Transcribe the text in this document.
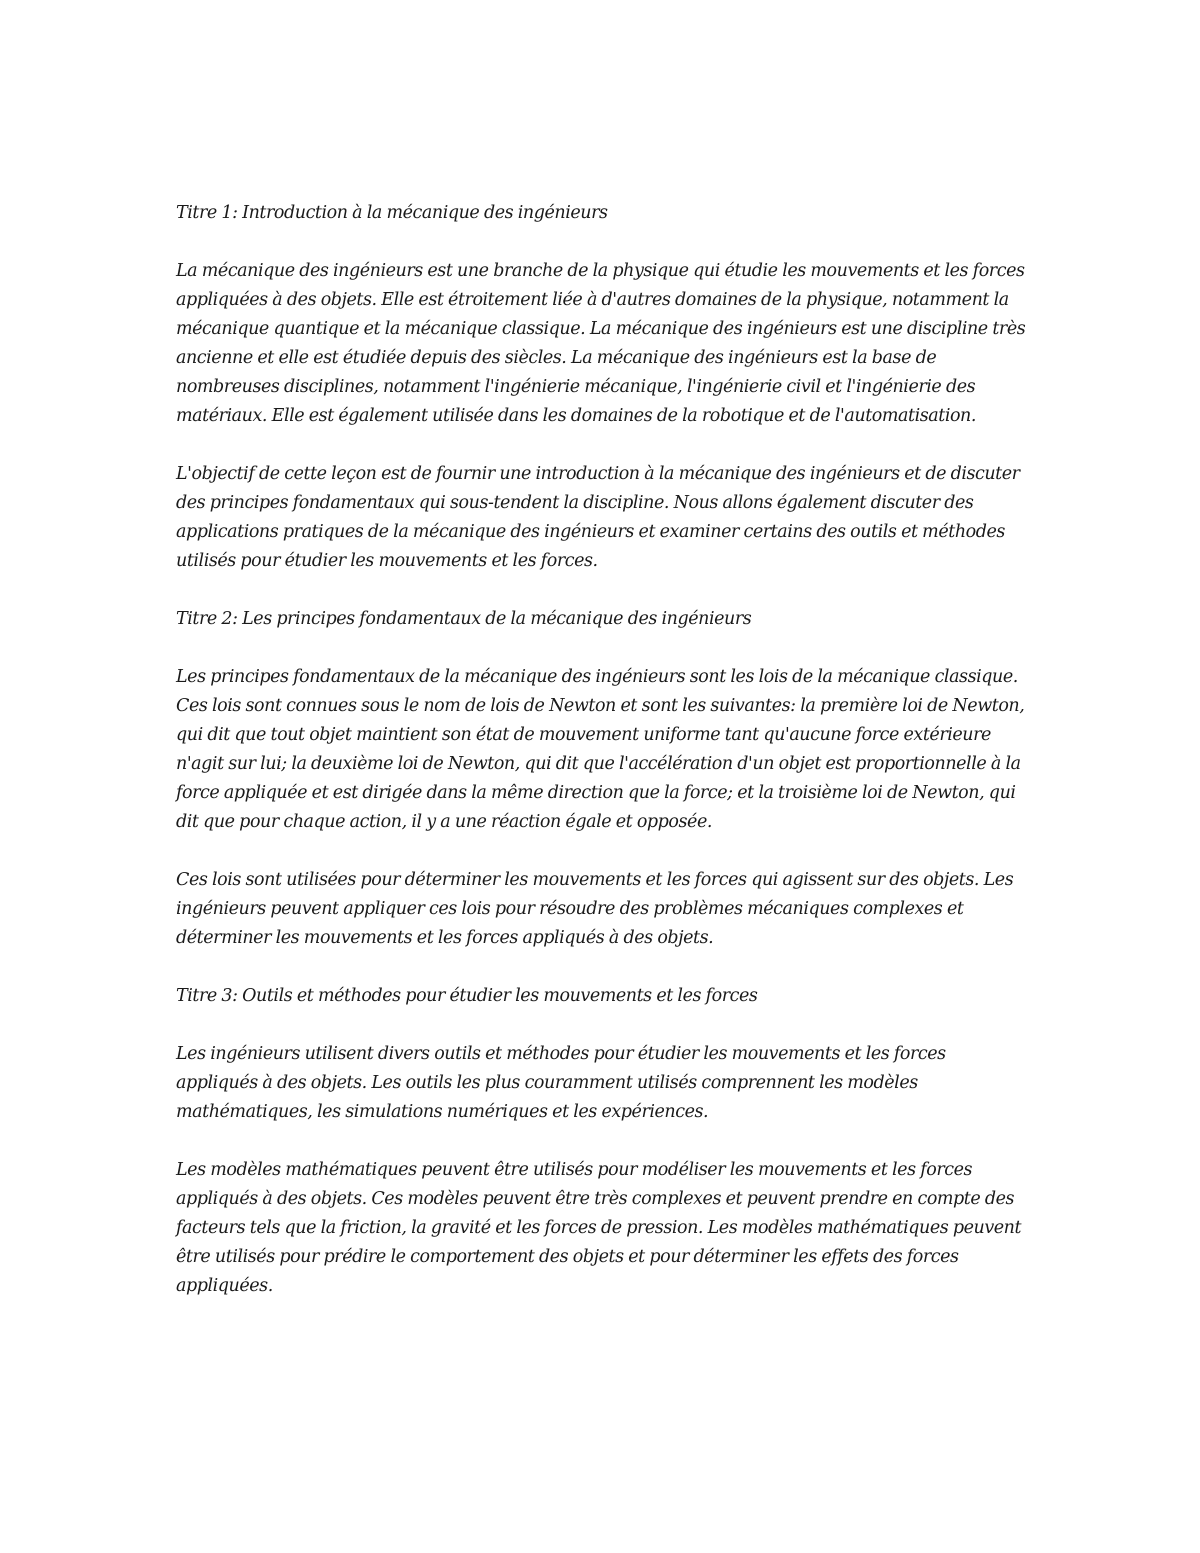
Titre 1: Introduction à la mécanique des ingénieurs

La mécanique des ingénieurs est une branche de la physique qui étudie les mouvements et les forces appliquées à des objets. Elle est étroitement liée à d'autres domaines de la physique, notamment la mécanique quantique et la mécanique classique. La mécanique des ingénieurs est une discipline très ancienne et elle est étudiée depuis des siècles. La mécanique des ingénieurs est la base de nombreuses disciplines, notamment l'ingénierie mécanique, l'ingénierie civil et l'ingénierie des matériaux. Elle est également utilisée dans les domaines de la robotique et de l'automatisation.

L'objectif de cette leçon est de fournir une introduction à la mécanique des ingénieurs et de discuter des principes fondamentaux qui sous-tendent la discipline. Nous allons également discuter des applications pratiques de la mécanique des ingénieurs et examiner certains des outils et méthodes utilisés pour étudier les mouvements et les forces.

Titre 2: Les principes fondamentaux de la mécanique des ingénieurs

Les principes fondamentaux de la mécanique des ingénieurs sont les lois de la mécanique classique. Ces lois sont connues sous le nom de lois de Newton et sont les suivantes: la première loi de Newton, qui dit que tout objet maintient son état de mouvement uniforme tant qu'aucune force extérieure n'agit sur lui; la deuxième loi de Newton, qui dit que l'accélération d'un objet est proportionnelle à la force appliquée et est dirigée dans la même direction que la force; et la troisième loi de Newton, qui dit que pour chaque action, il y a une réaction égale et opposée.

Ces lois sont utilisées pour déterminer les mouvements et les forces qui agissent sur des objets. Les ingénieurs peuvent appliquer ces lois pour résoudre des problèmes mécaniques complexes et déterminer les mouvements et les forces appliqués à des objets.

Titre 3: Outils et méthodes pour étudier les mouvements et les forces

Les ingénieurs utilisent divers outils et méthodes pour étudier les mouvements et les forces appliqués à des objets. Les outils les plus couramment utilisés comprennent les modèles mathématiques, les simulations numériques et les expériences.

Les modèles mathématiques peuvent être utilisés pour modéliser les mouvements et les forces appliqués à des objets. Ces modèles peuvent être très complexes et peuvent prendre en compte des facteurs tels que la friction, la gravité et les forces de pression. Les modèles mathématiques peuvent être utilisés pour prédire le comportement des objets et pour déterminer les effets des forces appliquées.
